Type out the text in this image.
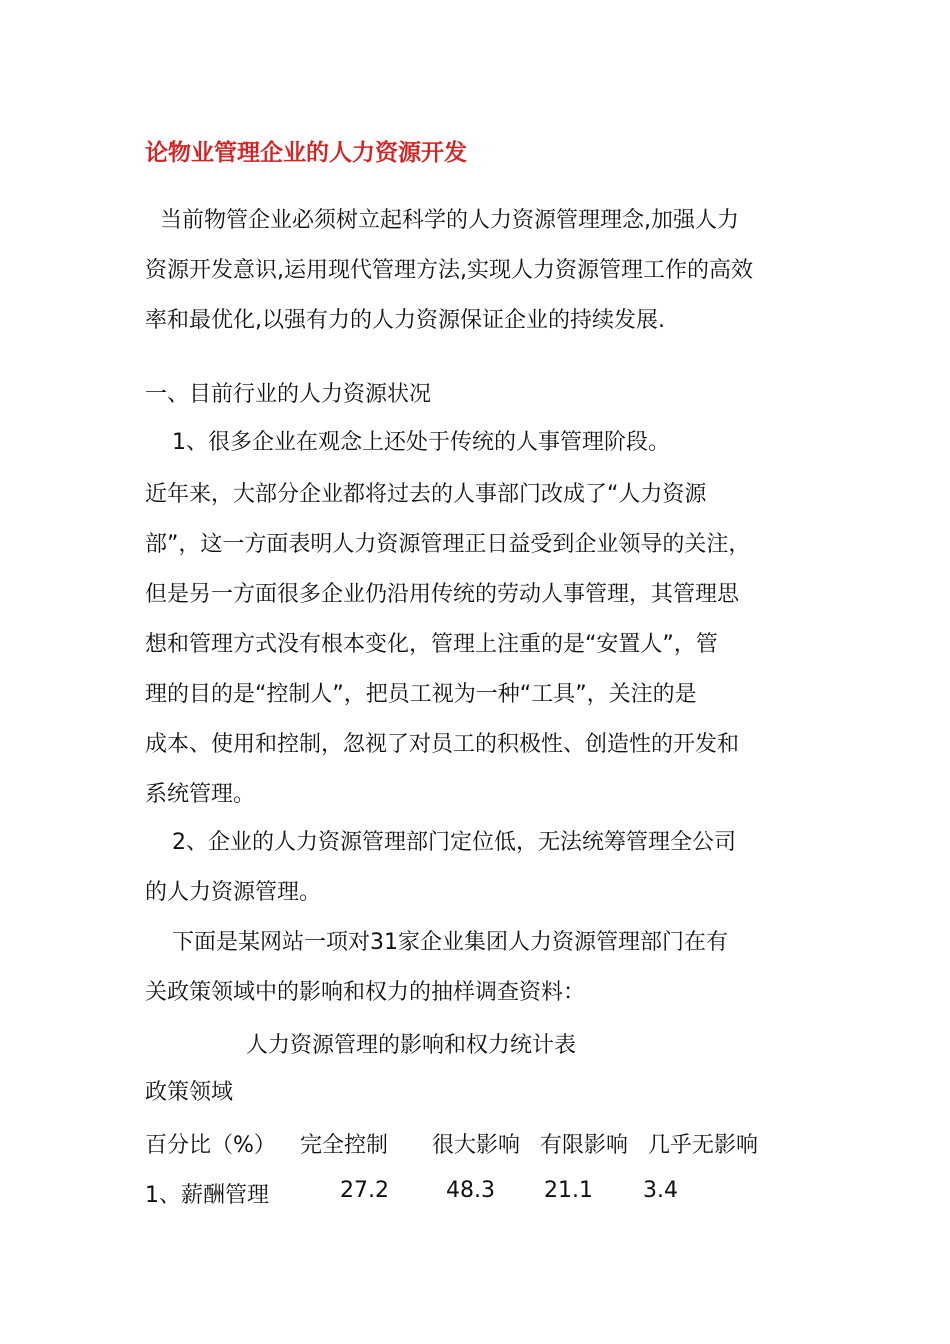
论物业管理企业的人力资源开发
当前物管企业必须树立起科学的人力资源管理理念,加强人力
资源开发意识,运用现代管理方法,实现人力资源管理工作的高效
率和最优化,以强有力的人力资源保证企业的持续发展.
一、目前行业的人力资源状况
1、很多企业在观念上还处于传统的人事管理阶段。
近年来，大部分企业都将过去的人事部门改成了“人力资源
部”，这一方面表明人力资源管理正日益受到企业领导的关注，
但是另一方面很多企业仍沿用传统的劳动人事管理，其管理思
想和管理方式没有根本变化，管理上注重的是“安置人”，管
理的目的是“控制人”，把员工视为一种“工具”，关注的是
成本、使用和控制，忽视了对员工的积极性、创造性的开发和
系统管理。
2、企业的人力资源管理部门定位低，无法统筹管理全公司
的人力资源管理。
下面是某网站一项对31家企业集团人力资源管理部门在有
关政策领域中的影响和权力的抽样调查资料：
人力资源管理的影响和权力统计表
政策领域
百分比（%） 完全控制 很大影响 有限影响 几乎无影响
1、薪酬管理	27.2	48.3 21.1 3.4
